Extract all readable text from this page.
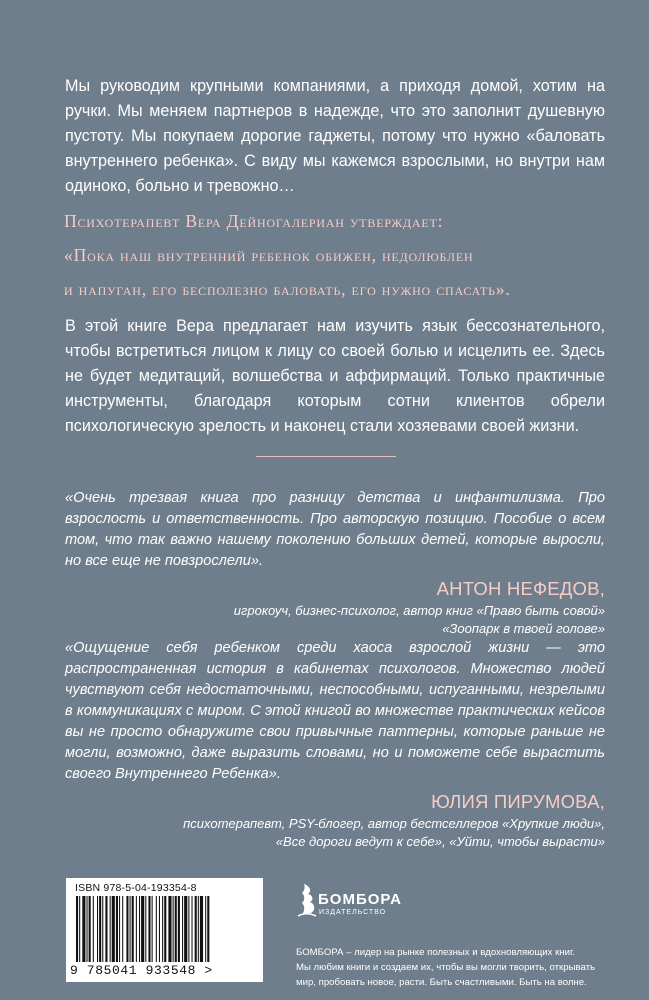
Мы руководим крупными компаниями, а приходя домой, хотим на ручки. Мы меняем партнеров в надежде, что это заполнит душевную пустоту. Мы покупаем дорогие гаджеты, потому что нужно «баловать внутреннего ребенка». С виду мы кажемся взрослыми, но внутри нам одиноко, больно и тревожно…

Психотерапевт Вера Дейногалериан утверждает:

«Пока наш внутренний ребенок обижен, недолюблен

и напуган, его бесполезно баловать, его нужно спасать».

В этой книге Вера предлагает нам изучить язык бессознательного, чтобы встретиться лицом к лицу со своей болью и исцелить ее. Здесь не будет медитаций, волшебства и аффирмаций. Только практичные инструменты, благодаря которым сотни клиентов обрели психологическую зрелость и наконец стали хозяевами своей жизни.

«Очень трезвая книга про разницу детства и инфантилизма. Про взрослость и ответственность. Про авторскую позицию. Пособие о всем том, что так важно нашему поколению больших детей, которые выросли, но все еще не повзрослели».

АНТОН НЕФЕДОВ,

игрокоуч, бизнес-психолог, автор книг «Право быть совой»

«Зоопарк в твоей голове»

«Ощущение себя ребенком среди хаоса взрослой жизни — это распространенная история в кабинетах психологов. Множество людей чувствуют себя недостаточными, неспособными, испуганными, незрелыми в коммуникациях с миром. С этой книгой во множестве практических кейсов вы не просто обнаружите свои привычные паттерны, которые раньше не могли, возможно, даже выразить словами, но и поможете себе вырастить своего Внутреннего Ребенка».

ЮЛИЯ ПИРУМОВА,

психотерапевт, PSY-блогер, автор бестселлеров «Хрупкие люди»,

«Все дороги ведут к себе», «Уйти, чтобы вырасти»

ISBN 978-5-04-193354-8
9 785041 933548 >
БОМБОРА
ИЗДАТЕЛЬСТВО
БОМБОРА – лидер на рынке полезных и вдохновляющих книг.
Мы любим книги и создаем их, чтобы вы могли творить, открывать
мир, пробовать новое, расти. Быть счастливыми. Быть на волне.
